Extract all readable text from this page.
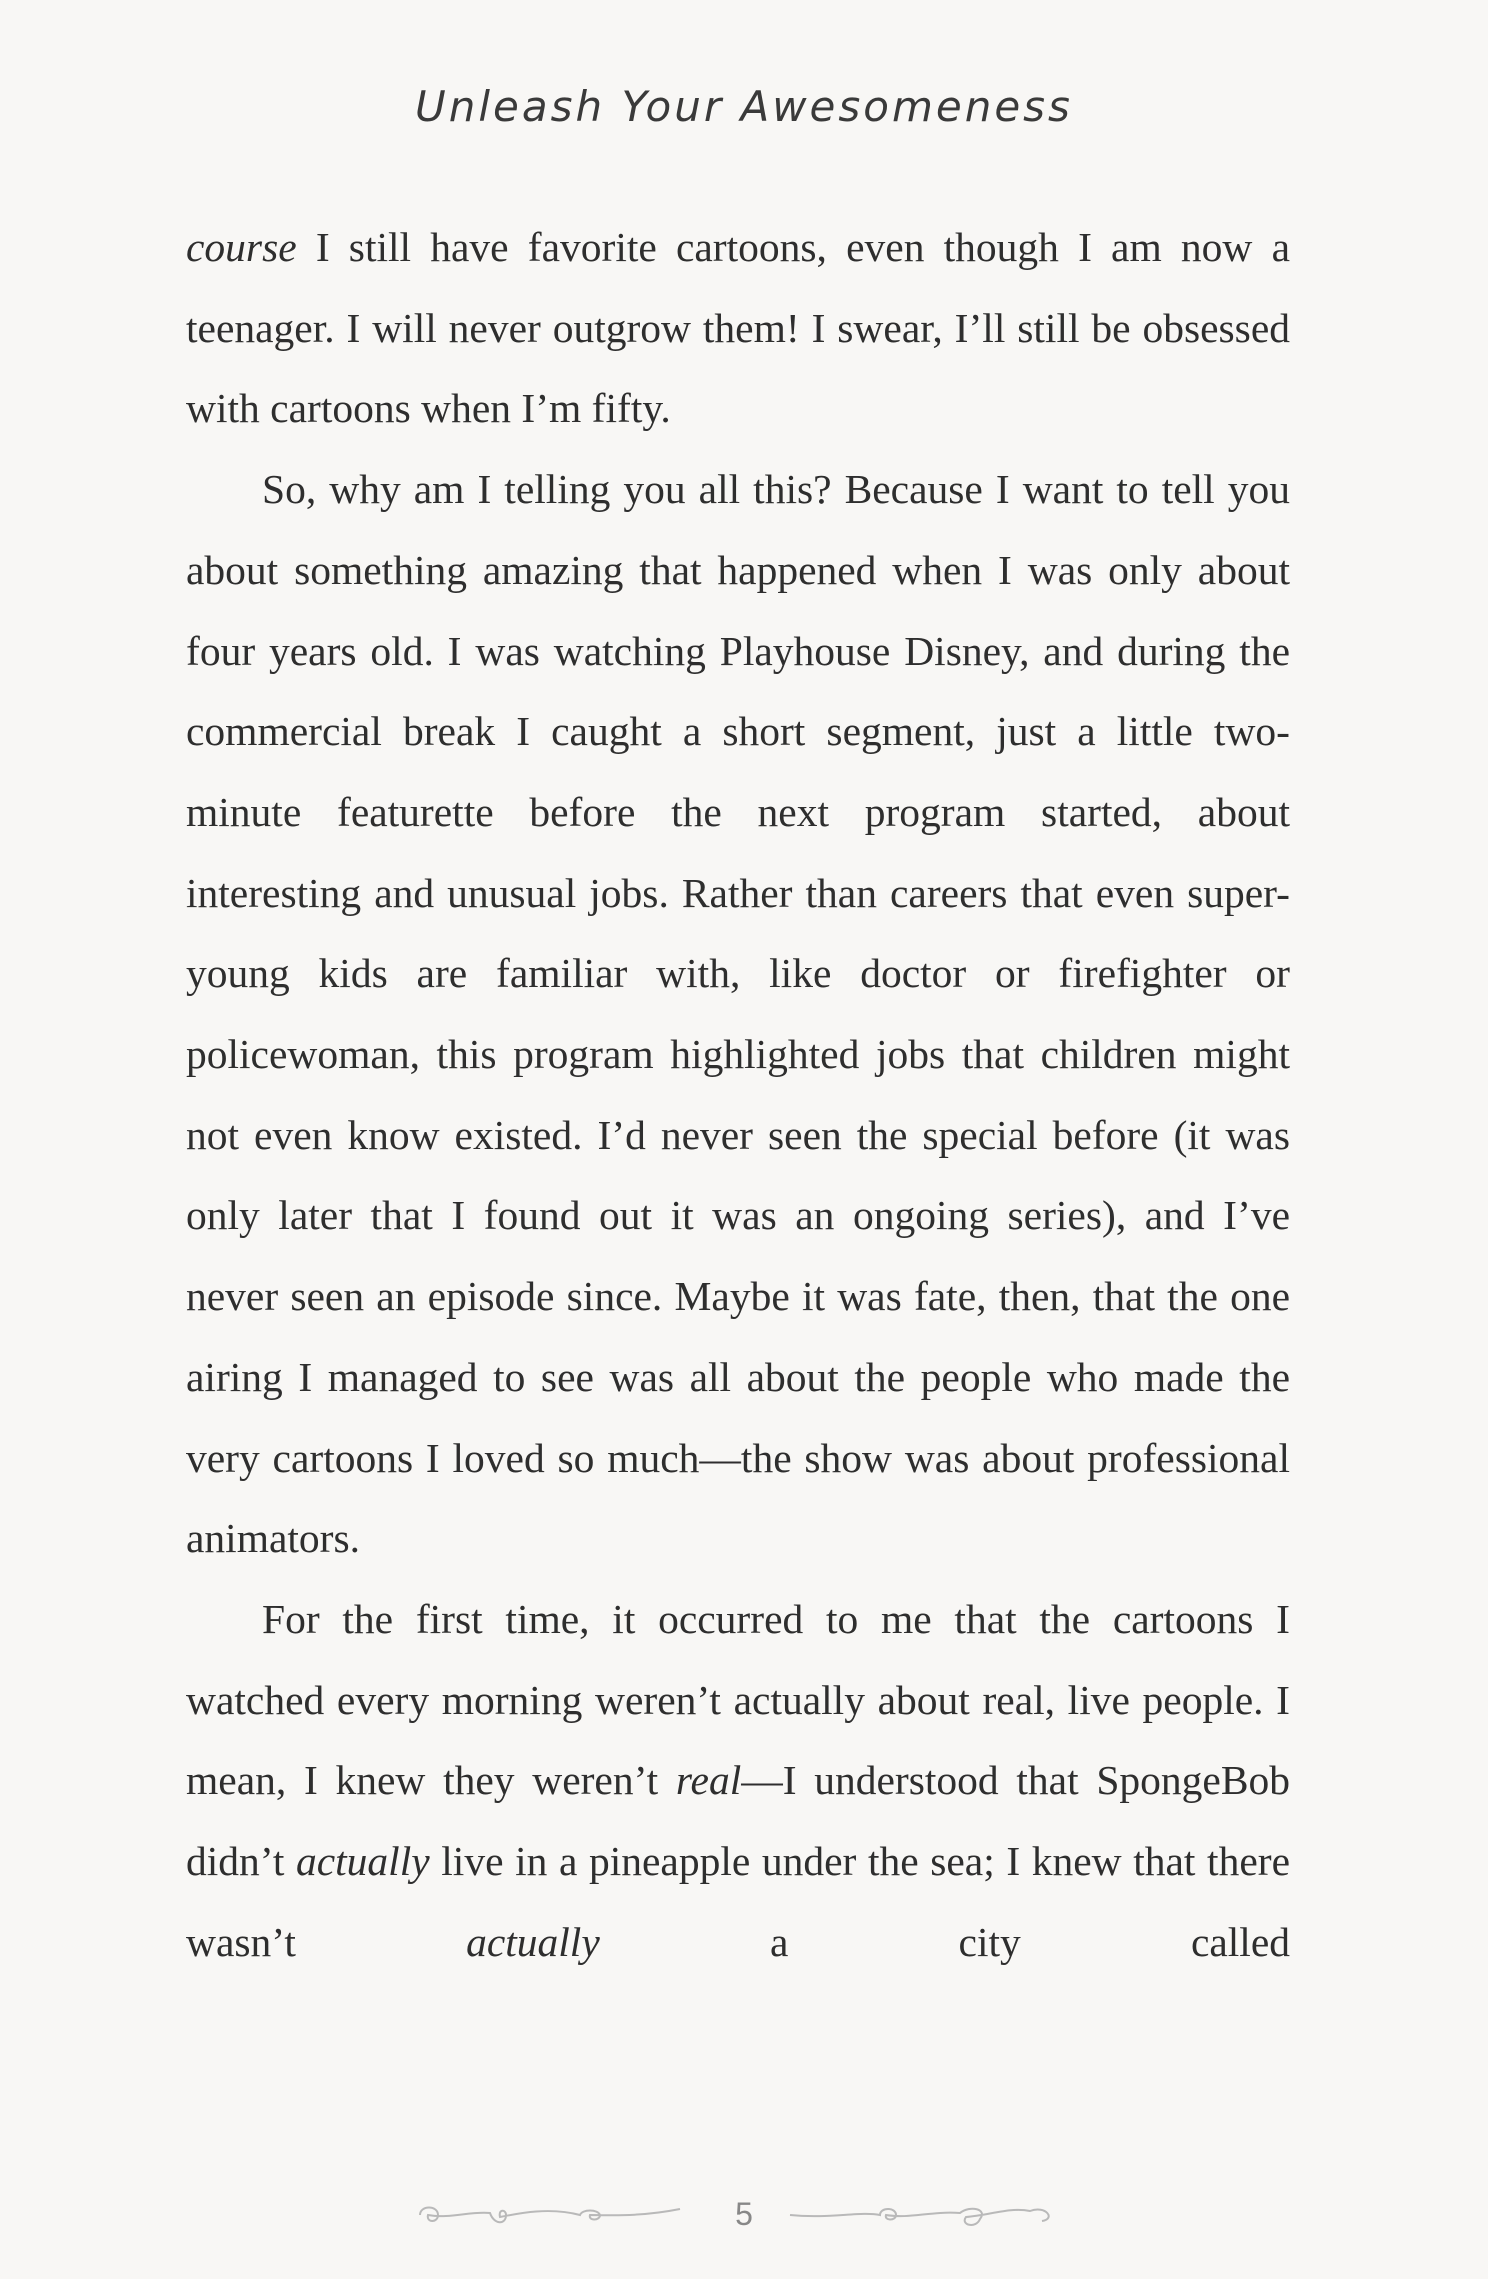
Unleash Your Awesomeness

course I still have favorite cartoons, even though I am now a teenager. I will never outgrow them! I swear, I’ll still be obsessed with cartoons when I’m fifty.

So, why am I telling you all this? Because I want to tell you about something amazing that happened when I was only about four years old. I was watching Playhouse Disney, and during the commercial break I caught a short segment, just a little two-minute featurette before the next program started, about interesting and unusual jobs. Rather than careers that even super-young kids are familiar with, like doctor or firefighter or policewoman, this program highlighted jobs that children might not even know existed. I’d never seen the special before (it was only later that I found out it was an ongoing series), and I’ve never seen an episode since. Maybe it was fate, then, that the one airing I managed to see was all about the people who made the very cartoons I loved so much—the show was about professional animators.

For the first time, it occurred to me that the cartoons I watched every morning weren’t actually about real, live people. I mean, I knew they weren’t real—I understood that SpongeBob didn’t actually live in a pineapple under the sea; I knew that there wasn’t actually a city called

5
